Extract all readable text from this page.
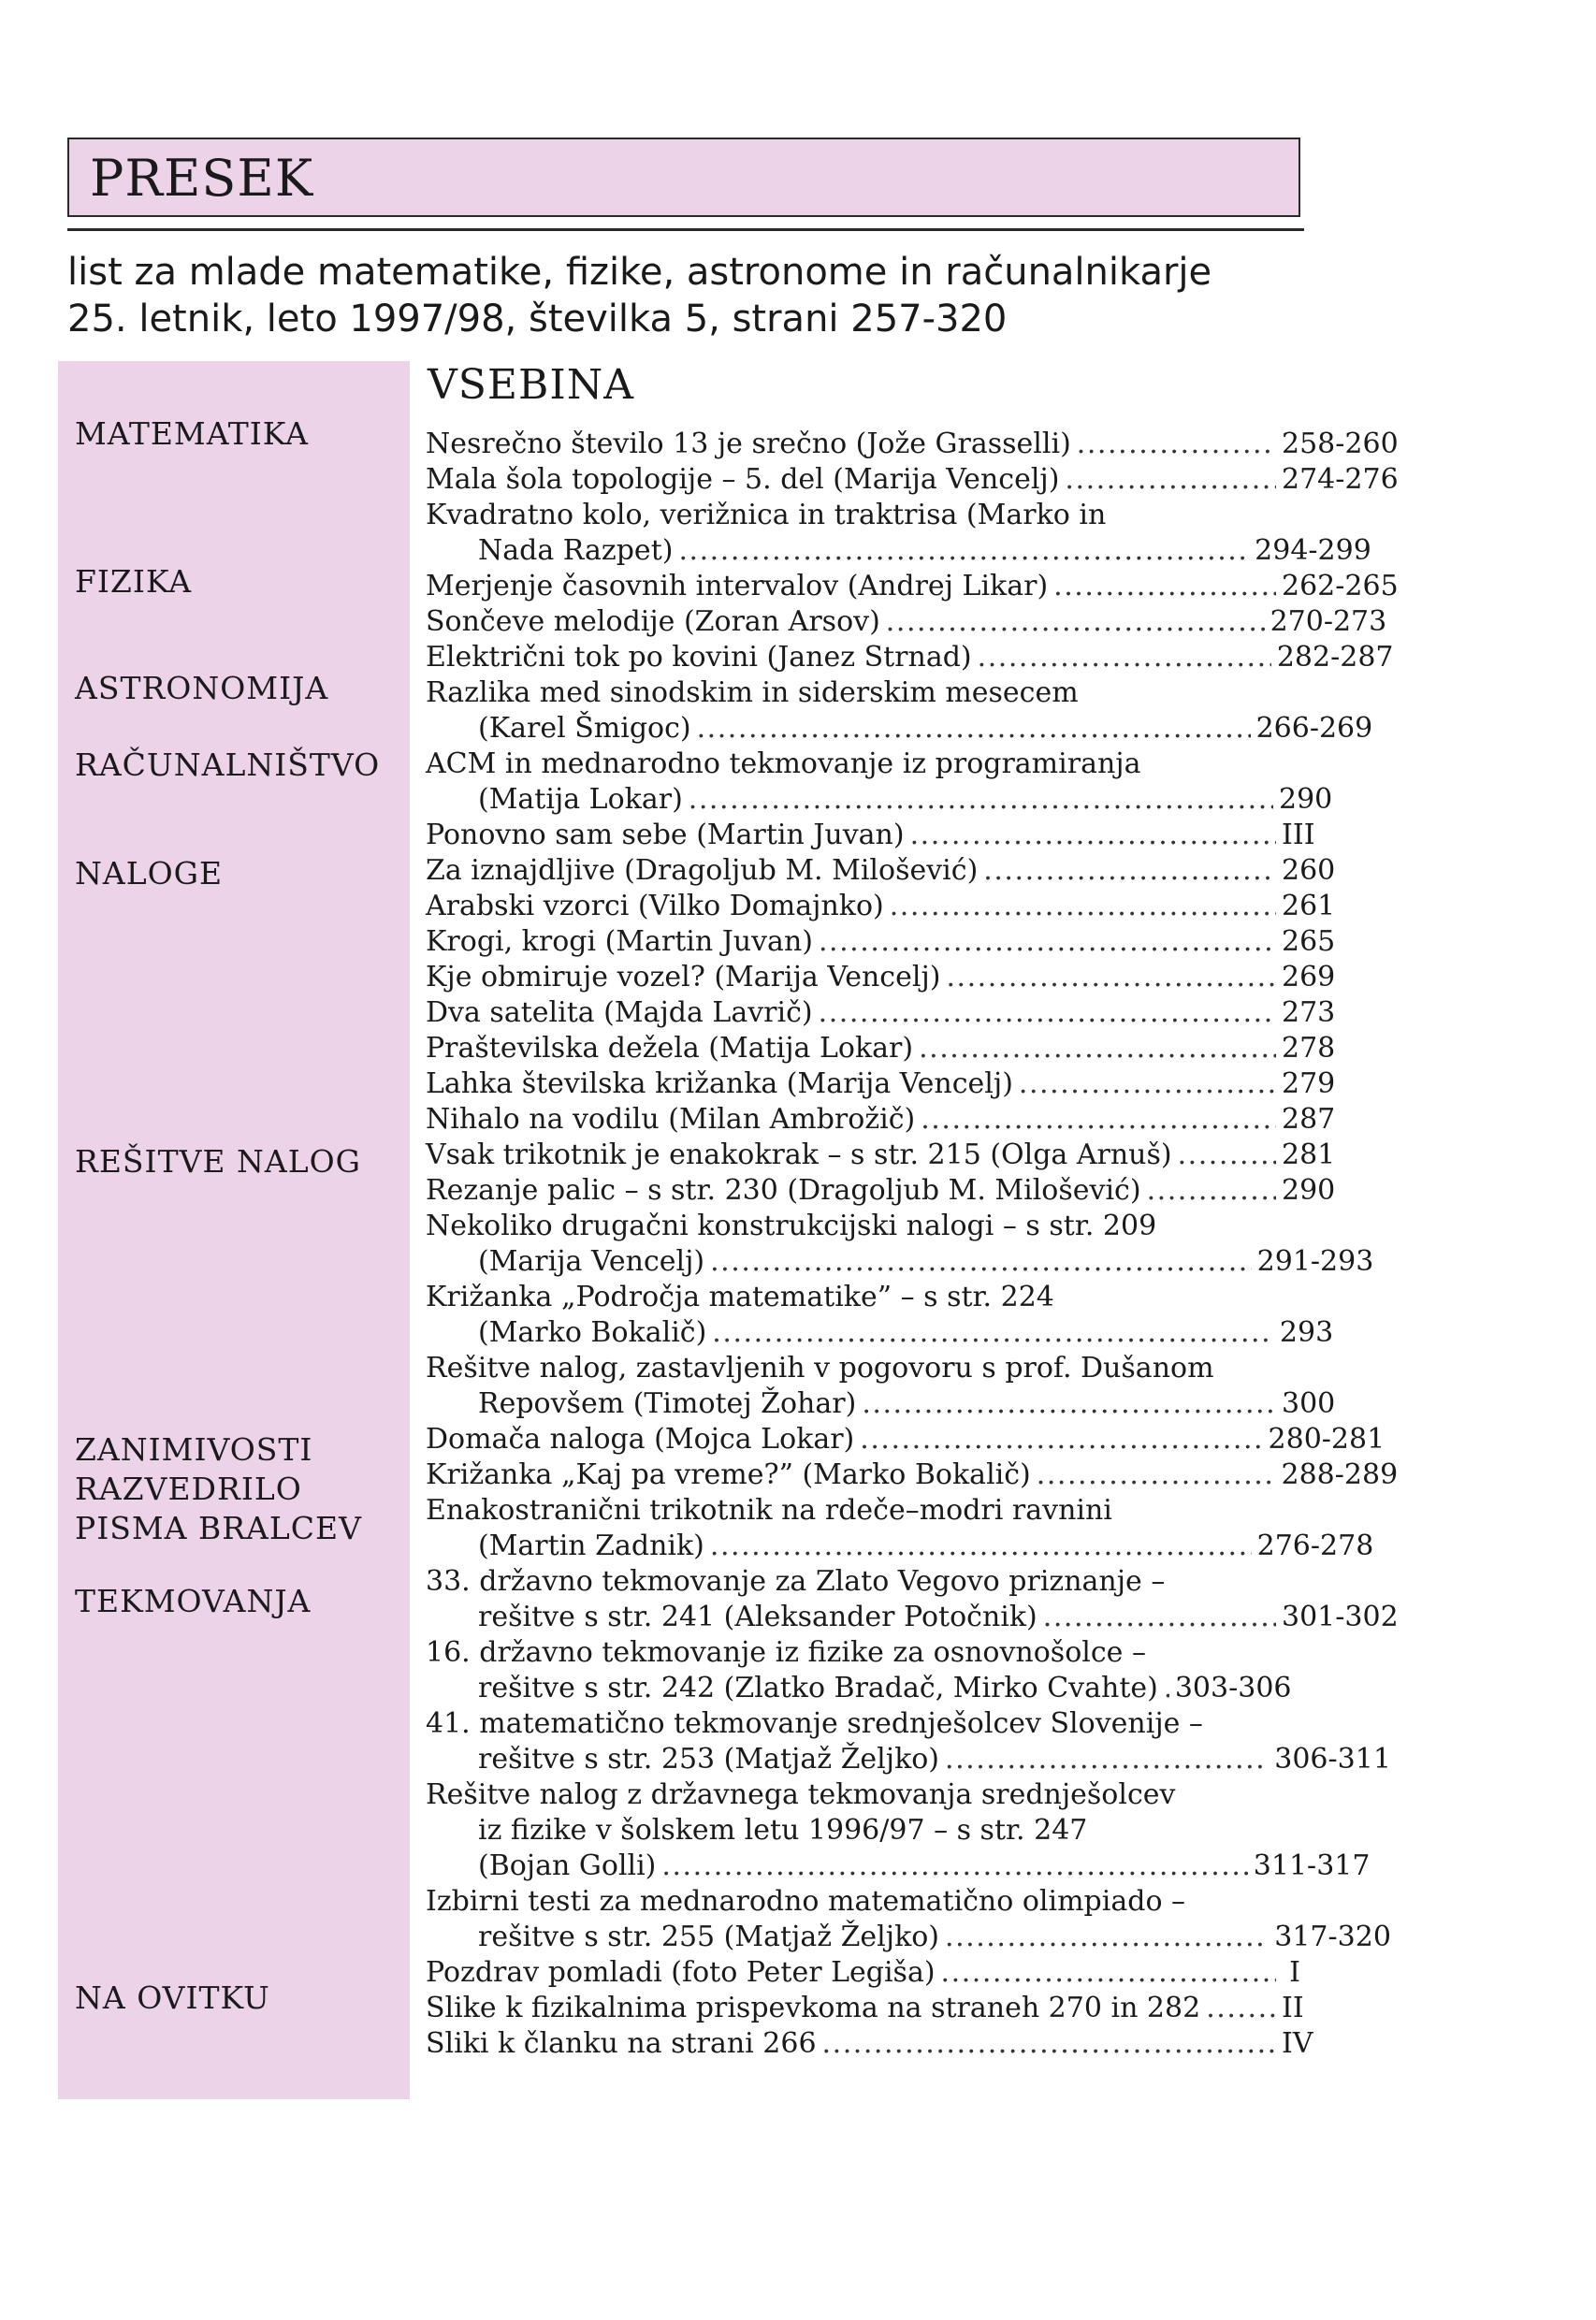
PRESEK
list za mlade matematike, fizike, astronome in računalnikarje
25. letnik, leto 1997/98, številka 5, strani 257-320
MATEMATIKA
FIZIKA
ASTRONOMIJA
RAČUNALNIŠTVO
NALOGE
REŠITVE NALOG
ZANIMIVOSTI
RAZVEDRILO
PISMA BRALCEV
TEKMOVANJA
NA OVITKU
VSEBINA
Nesrečno število 13 je srečno (Jože Grasselli) . . .	258-260
Mala šola topologije – 5. del (Marija Vencelj) . . .	274-276
Kvadratno kolo, verižnica in traktrisa (Marko in
Nada Razpet) . . .	294-299
Merjenje časovnih intervalov (Andrej Likar) . . .	262-265
Sončeve melodije (Zoran Arsov) . . .	270-273
Električni tok po kovini (Janez Strnad) . . .	282-287
Razlika med sinodskim in siderskim mesecem
(Karel Šmigoc) . . .	266-269
ACM in mednarodno tekmovanje iz programiranja
(Matija Lokar) . . .	290
Ponovno sam sebe (Martin Juvan) . . .	III
Za iznajdljive (Dragoljub M. Milošević) . . .	260
Arabski vzorci (Vilko Domajnko) . . .	261
Krogi, krogi (Martin Juvan) . . .	265
Kje obmiruje vozel? (Marija Vencelj) . . .	269
Dva satelita (Majda Lavrič) . . .	273
Praštevilska dežela (Matija Lokar) . . .	278
Lahka številska križanka (Marija Vencelj) . . .	279
Nihalo na vodilu (Milan Ambrožič) . . .	287
Vsak trikotnik je enakokrak – s str. 215 (Olga Arnuš) . . .	281
Rezanje palic – s str. 230 (Dragoljub M. Milošević) . . .	290
Nekoliko drugačni konstrukcijski nalogi – s str. 209
(Marija Vencelj) . . .	291-293
Križanka „Področja matematike” – s str. 224
(Marko Bokalič) . . .	293
Rešitve nalog, zastavljenih v pogovoru s prof. Dušanom
Repovšem (Timotej Žohar) . . .	300
Domača naloga (Mojca Lokar) . . .	280-281
Križanka „Kaj pa vreme?” (Marko Bokalič) . . .	288-289
Enakostranični trikotnik na rdeče–modri ravnini
(Martin Zadnik) . . .	276-278
33. državno tekmovanje za Zlato Vegovo priznanje –
rešitve s str. 241 (Aleksander Potočnik) . . .	301-302
16. državno tekmovanje iz fizike za osnovnošolce –
rešitve s str. 242 (Zlatko Bradač, Mirko Cvahte) . . . 303-306
41. matematično tekmovanje srednješolcev Slovenije –
rešitve s str. 253 (Matjaž Željko) . . .	306-311
Rešitve nalog z državnega tekmovanja srednješolcev
iz fizike v šolskem letu 1996/97 – s str. 247
(Bojan Golli) . . .	311-317
Izbirni testi za mednarodno matematično olimpiado –
rešitve s str. 255 (Matjaž Željko) . . .	317-320
Pozdrav pomladi (foto Peter Legiša) . . .	I
Slike k fizikalnima prispevkoma na straneh 270 in 282 . . .	II
Sliki k članku na strani 266 . . .	IV
